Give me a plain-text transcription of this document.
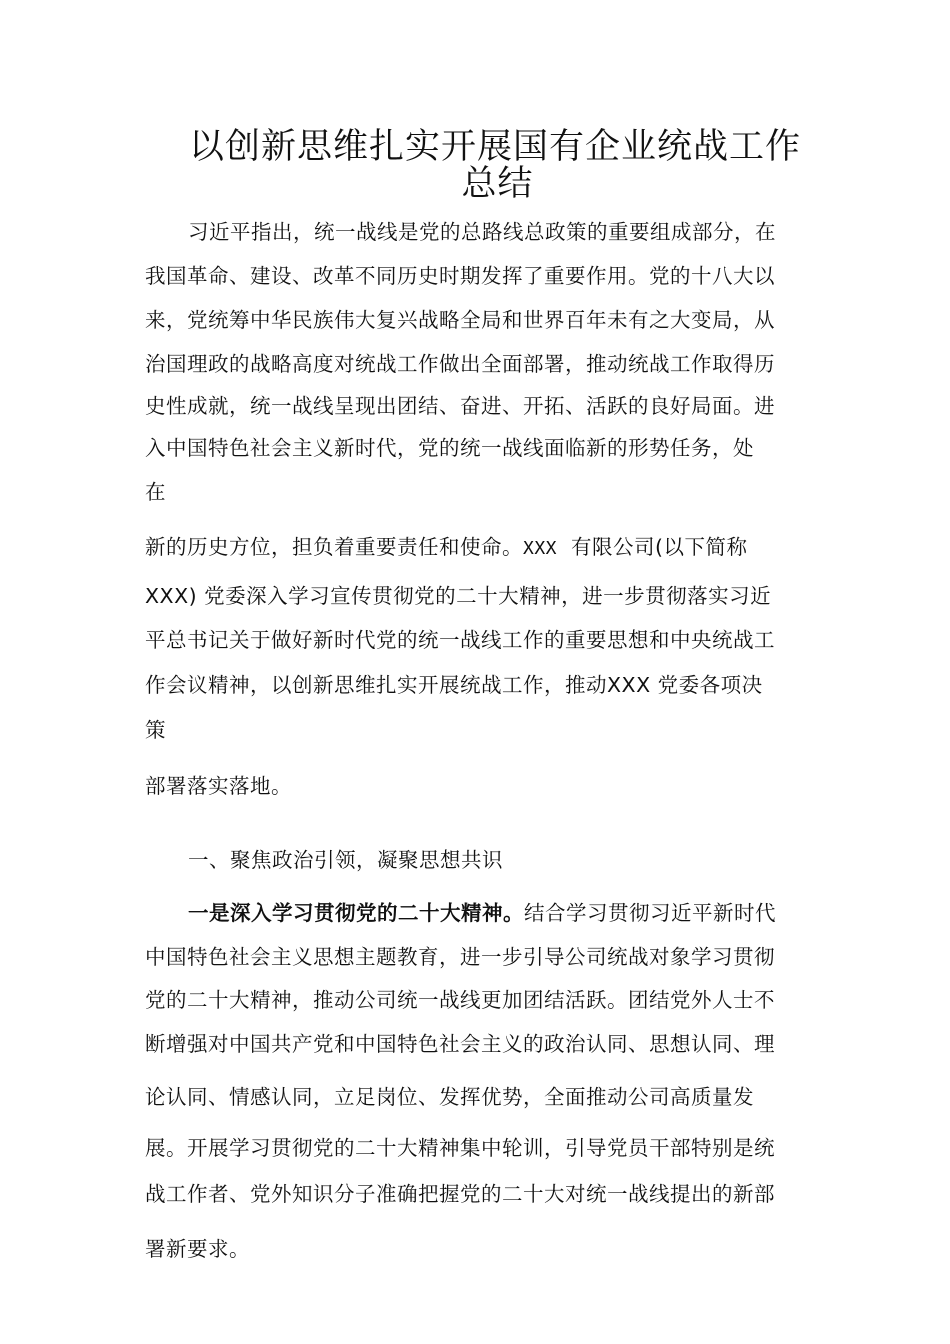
以创新思维扎实开展国有企业统战工作
总结
习近平指出，统一战线是党的总路线总政策的重要组成部分，在
我国革命、建设、改革不同历史时期发挥了重要作用。党的十八大以
来，党统筹中华民族伟大复兴战略全局和世界百年未有之大变局，从
治国理政的战略高度对统战工作做出全面部署，推动统战工作取得历
史性成就，统一战线呈现出团结、奋进、开拓、活跃的良好局面。进
入中国特色社会主义新时代，党的统一战线面临新的形势任务，处
在
新的历史方位，担负着重要责任和使命。XXX 有限公司(以下简称
XXX) 党委深入学习宣传贯彻党的二十大精神，进一步贯彻落实习近
平总书记关于做好新时代党的统一战线工作的重要思想和中央统战工
作会议精神，以创新思维扎实开展统战工作，推动XXX 党委各项决
策
部署落实落地。
一、聚焦政治引领，凝聚思想共识
一是深入学习贯彻党的二十大精神。结合学习贯彻习近平新时代
中国特色社会主义思想主题教育，进一步引导公司统战对象学习贯彻
党的二十大精神，推动公司统一战线更加团结活跃。团结党外人士不
断增强对中国共产党和中国特色社会主义的政治认同、思想认同、理
论认同、情感认同，立足岗位、发挥优势，全面推动公司高质量发
展。开展学习贯彻党的二十大精神集中轮训，引导党员干部特别是统
战工作者、党外知识分子准确把握党的二十大对统一战线提出的新部
署新要求。
